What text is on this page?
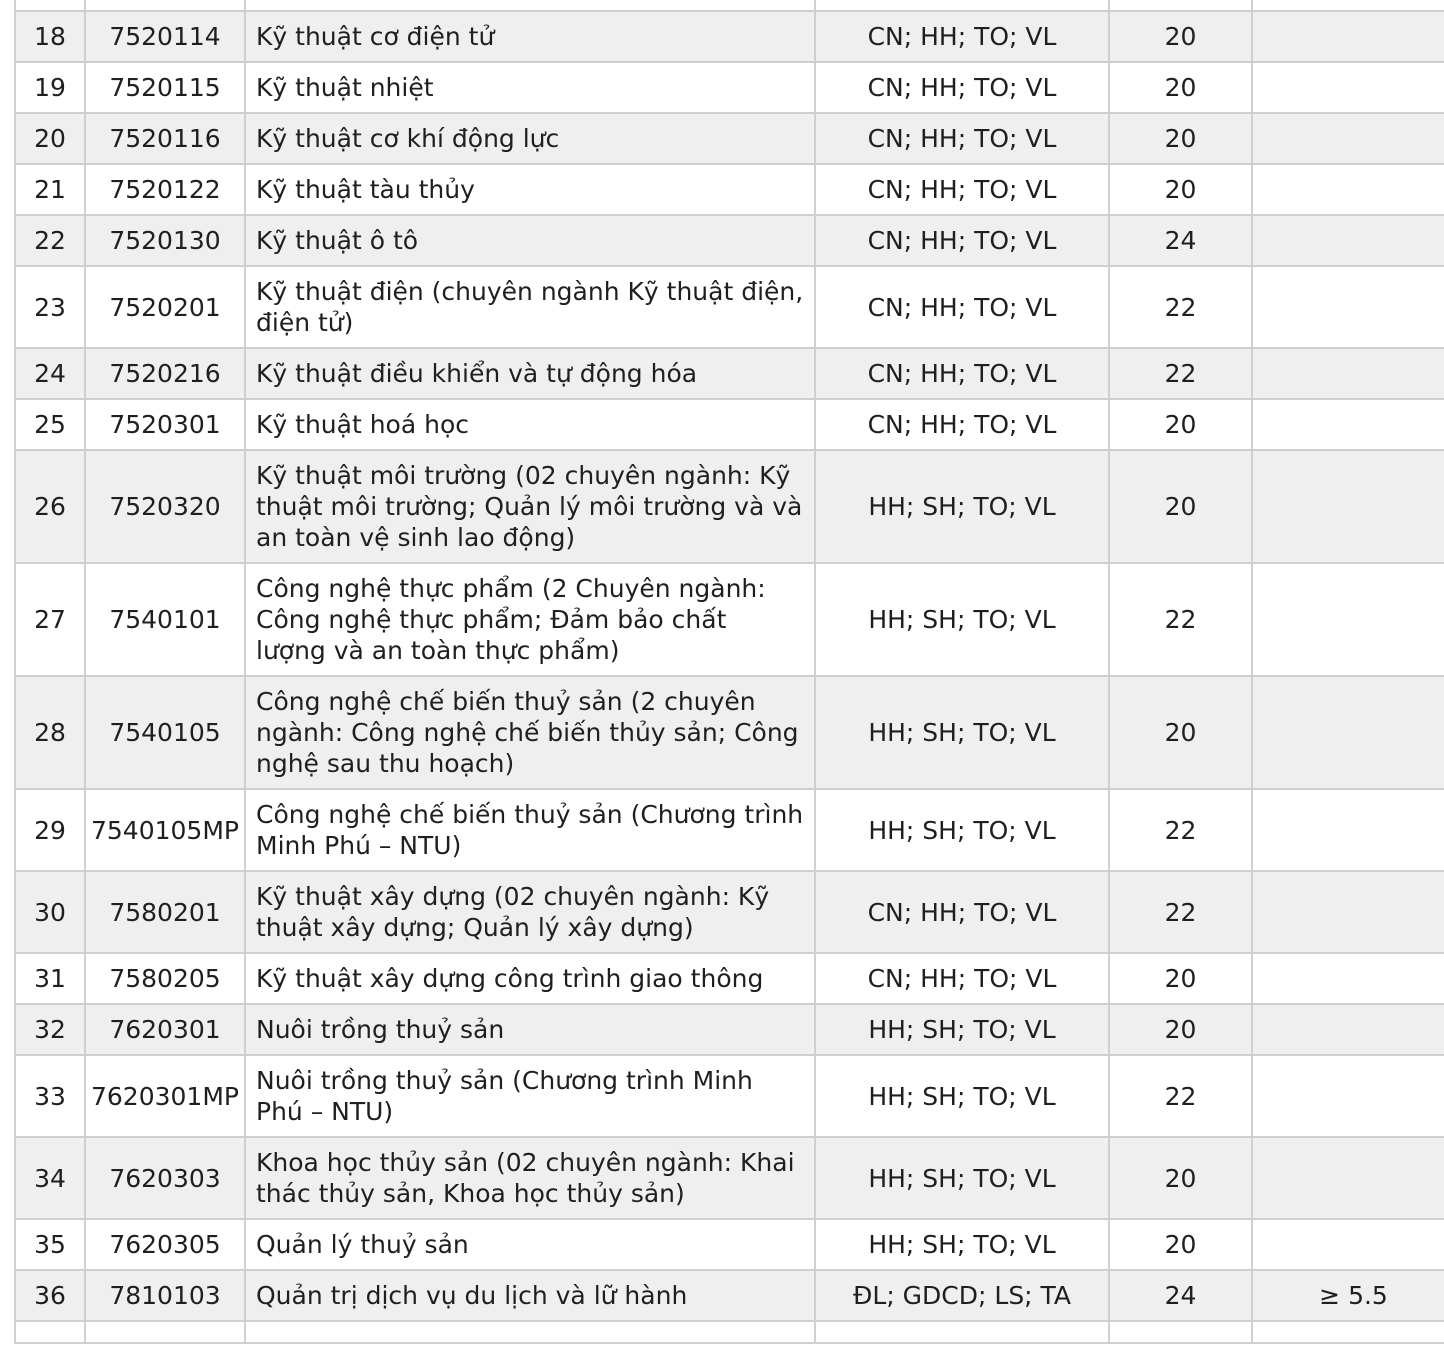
18	7520114	Kỹ thuật cơ điện tử	CN; HH; TO; VL	20	
19	7520115	Kỹ thuật nhiệt	CN; HH; TO; VL	20	
20	7520116	Kỹ thuật cơ khí động lực	CN; HH; TO; VL	20	
21	7520122	Kỹ thuật tàu thủy	CN; HH; TO; VL	20	
22	7520130	Kỹ thuật ô tô	CN; HH; TO; VL	24	
23	7520201	Kỹ thuật điện (chuyên ngành Kỹ thuật điện, điện tử)	CN; HH; TO; VL	22	
24	7520216	Kỹ thuật điều khiển và tự động hóa	CN; HH; TO; VL	22	
25	7520301	Kỹ thuật hoá học	CN; HH; TO; VL	20	
26	7520320	Kỹ thuật môi trường (02 chuyên ngành: Kỹ thuật môi trường; Quản lý môi trường và và an toàn vệ sinh lao động)	HH; SH; TO; VL	20	
27	7540101	Công nghệ thực phẩm (2 Chuyên ngành: Công nghệ thực phẩm; Đảm bảo chất lượng và an toàn thực phẩm)	HH; SH; TO; VL	22	
28	7540105	Công nghệ chế biến thuỷ sản (2 chuyên ngành: Công nghệ chế biến thủy sản; Công nghệ sau thu hoạch)	HH; SH; TO; VL	20	
29	7540105MP	Công nghệ chế biến thuỷ sản (Chương trình Minh Phú – NTU)	HH; SH; TO; VL	22	
30	7580201	Kỹ thuật xây dựng (02 chuyên ngành: Kỹ thuật xây dựng; Quản lý xây dựng)	CN; HH; TO; VL	22	
31	7580205	Kỹ thuật xây dựng công trình giao thông	CN; HH; TO; VL	20	
32	7620301	Nuôi trồng thuỷ sản	HH; SH; TO; VL	20	
33	7620301MP	Nuôi trồng thuỷ sản (Chương trình Minh Phú – NTU)	HH; SH; TO; VL	22	
34	7620303	Khoa học thủy sản (02 chuyên ngành: Khai thác thủy sản, Khoa học thủy sản)	HH; SH; TO; VL	20	
35	7620305	Quản lý thuỷ sản	HH; SH; TO; VL	20	
36	7810103	Quản trị dịch vụ du lịch và lữ hành	ĐL; GDCD; LS; TA	24	≥ 5.5
